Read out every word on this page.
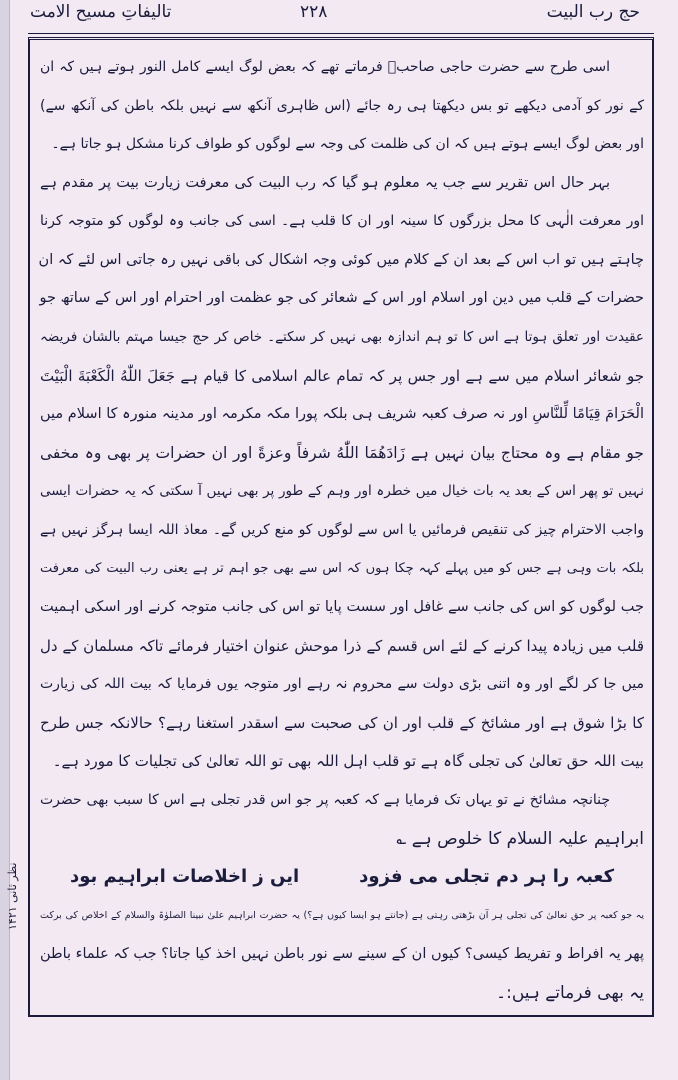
حج رب البیت
۲۲۸
تالیفاتِ مسیح الامت
نظر ثانی ۱۴۲۱
اسی طرح سے حضرت حاجی صاحبؒ فرماتے تھے کہ بعض لوگ ایسے کامل النور ہوتے ہیں کہ ان
کے نور کو آدمی دیکھے تو بس دیکھتا ہی رہ جائے (اس ظاہری آنکھ سے نہیں بلکہ باطن کی آنکھ سے)
اور بعض لوگ ایسے ہوتے ہیں کہ ان کی ظلمت کی وجہ سے لوگوں کو طواف کرنا مشکل ہو جاتا ہے۔
بہر حال اس تقریر سے جب یہ معلوم ہو گیا کہ رب البیت کی معرفت زیارت بیت پر مقدم ہے
اور معرفت الٰہی کا محل بزرگوں کا سینہ اور ان کا قلب ہے۔ اسی کی جانب وہ لوگوں کو متوجہ کرنا
چاہتے ہیں تو اب اس کے بعد ان کے کلام میں کوئی وجہ اشکال کی باقی نہیں رہ جاتی اس لئے کہ ان
حضرات کے قلب میں دین اور اسلام اور اس کے شعائر کی جو عظمت اور احترام اور اس کے ساتھ جو
عقیدت اور تعلق ہوتا ہے اس کا تو ہم اندازہ بھی نہیں کر سکتے۔ خاص کر حج جیسا مہتم بالشان فریضہ
جو شعائر اسلام میں سے ہے اور جس پر کہ تمام عالم اسلامی کا قیام ہے جَعَلَ اللّٰهُ الْكَعْبَةَ الْبَيْتَ
الْحَرَامَ قِيَامًا لِّلنَّاسِ اور نہ صرف کعبہ شریف ہی بلکہ پورا مکہ مکرمہ اور مدینہ منورہ کا اسلام میں
جو مقام ہے وہ محتاج بیان نہیں ہے زَادَهُمَا اللّٰهُ شرفاً وعزةً اور ان حضرات پر بھی وہ مخفی
نہیں تو پھر اس کے بعد یہ بات خیال میں خطرہ اور وہم کے طور پر بھی نہیں آ سکتی کہ یہ حضرات ایسی
واجب الاحترام چیز کی تنقیص فرمائیں یا اس سے لوگوں کو منع کریں گے۔ معاذ اللہ ایسا ہرگز نہیں ہے
بلکہ بات وہی ہے جس کو میں پہلے کہہ چکا ہوں کہ اس سے بھی جو اہم تر ہے یعنی رب البیت کی معرفت
جب لوگوں کو اس کی جانب سے غافل اور سست پایا تو اس کی جانب متوجہ کرنے اور اسکی اہمیت
قلب میں زیادہ پیدا کرنے کے لئے اس قسم کے ذرا موحش عنوان اختیار فرمائے تاکہ مسلمان کے دل
میں جا کر لگے اور وہ اتنی بڑی دولت سے محروم نہ رہے اور متوجہ یوں فرمایا کہ بیت اللہ کی زیارت
کا بڑا شوق ہے اور مشائخ کے قلب اور ان کی صحبت سے اسقدر استغنا رہے؟ حالانکہ جس طرح
بیت اللہ حق تعالیٰ کی تجلی گاہ ہے تو قلب اہل اللہ بھی تو اللہ تعالیٰ کی تجلیات کا مورد ہے۔
چنانچہ مشائخ نے تو یہاں تک فرمایا ہے کہ کعبہ پر جو اس قدر تجلی ہے اس کا سبب بھی حضرت
ابراہیم علیہ السلام کا خلوص ہے ؎
کعبہ را ہر دم تجلی می فزود
ایں ز اخلاصات ابراہیم بود
یہ جو کعبہ پر حق تعالیٰ کی تجلی ہر آن بڑھتی رہتی ہے (جانتے ہو ایسا کیوں ہے؟) یہ حضرت ابراہیم علیٰ نبینا الصلوٰۃ والسلام کے اخلاص کی برکت
پھر یہ افراط و تفریط کیسی؟ کیوں ان کے سینے سے نور باطن نہیں اخذ کیا جاتا؟ جب کہ علماء باطن
یہ بھی فرماتے ہیں:۔
